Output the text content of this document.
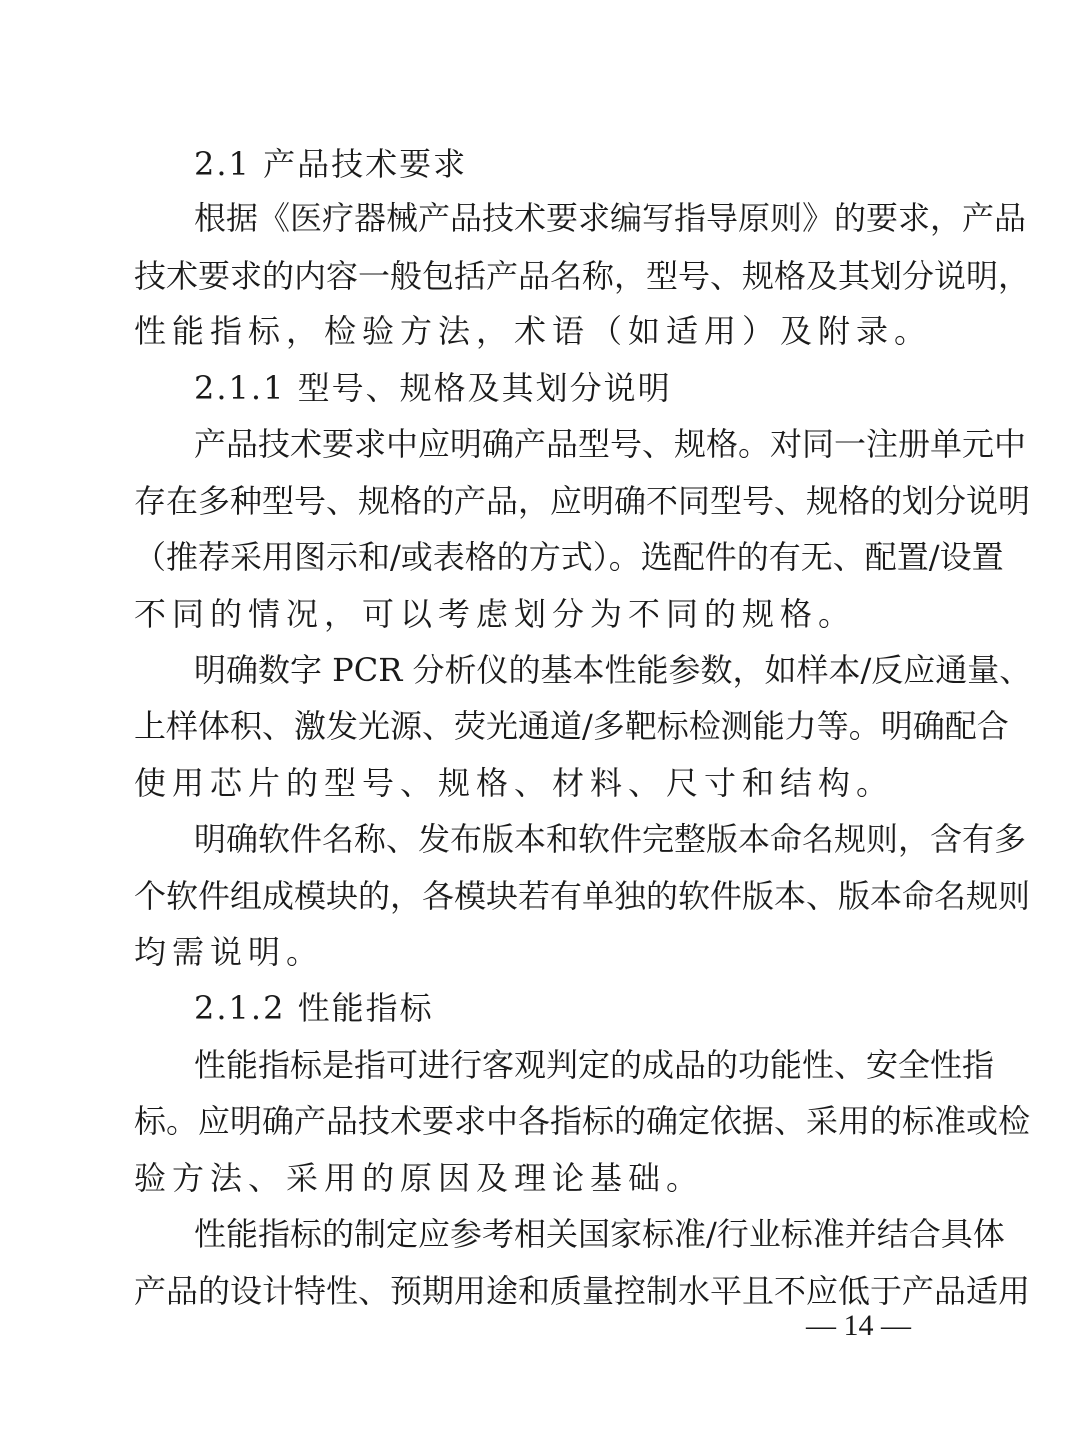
2.1 产品技术要求
根据《医疗器械产品技术要求编写指导原则》的要求，产品
技术要求的内容一般包括产品名称，型号、规格及其划分说明，
性能指标，检验方法，术语（如适用）及附录。
2.1.1 型号、规格及其划分说明
产品技术要求中应明确产品型号、规格。对同一注册单元中
存在多种型号、规格的产品，应明确不同型号、规格的划分说明
（推荐采用图示和/或表格的方式）。选配件的有无、配置/设置
不同的情况，可以考虑划分为不同的规格。
明确数字 PCR 分析仪的基本性能参数，如样本/反应通量、
上样体积、激发光源、荧光通道/多靶标检测能力等。明确配合
使用芯片的型号、规格、材料、尺寸和结构。
明确软件名称、发布版本和软件完整版本命名规则，含有多
个软件组成模块的，各模块若有单独的软件版本、版本命名规则
均需说明。
2.1.2 性能指标
性能指标是指可进行客观判定的成品的功能性、安全性指
标。应明确产品技术要求中各指标的确定依据、采用的标准或检
验方法、采用的原因及理论基础。
性能指标的制定应参考相关国家标准/行业标准并结合具体
产品的设计特性、预期用途和质量控制水平且不应低于产品适用
— 14 —
